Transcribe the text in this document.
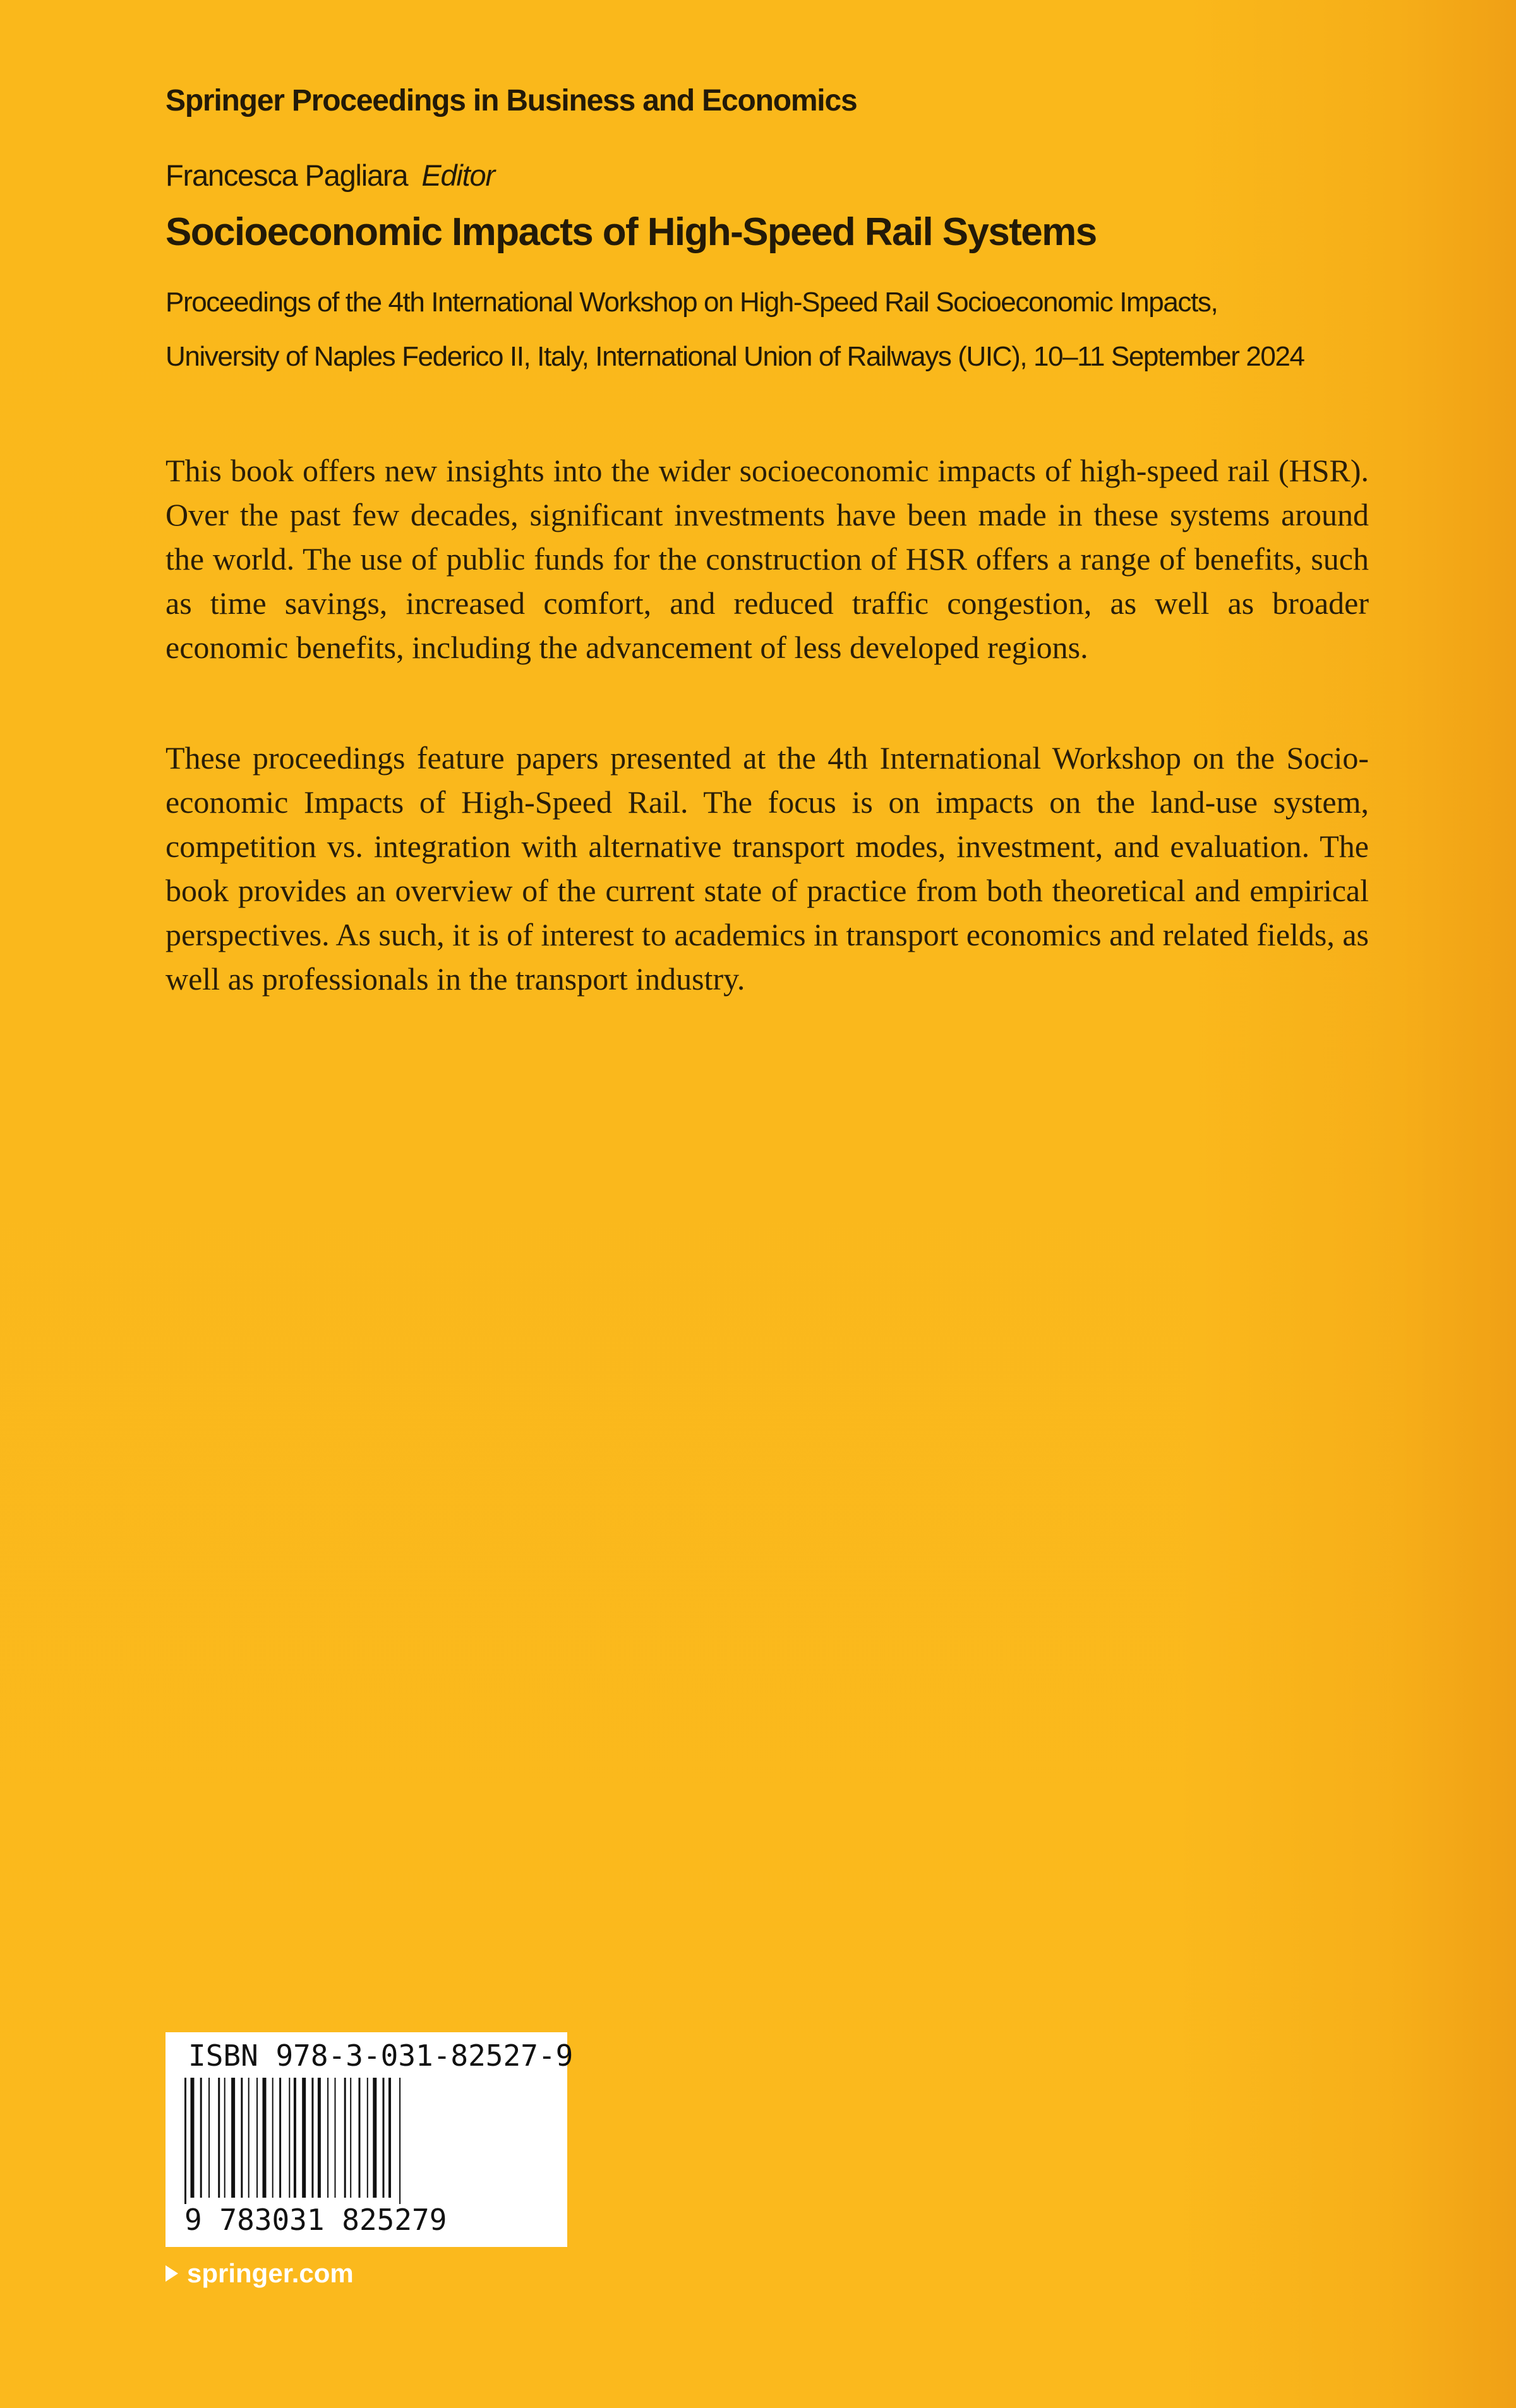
Springer Proceedings in Business and Economics
Francesca Pagliara Editor
Socioeconomic Impacts of High-Speed Rail Systems
Proceedings of the 4th International Workshop on High-Speed Rail Socioeconomic Impacts,
University of Naples Federico II, Italy, International Union of Railways (UIC), 10–11 September 2024

This book offers new insights into the wider socioeconomic impacts of high-speed rail (HSR). Over the past few decades, significant investments have been made in these systems around the world. The use of public funds for the construction of HSR offers a range of benefits, such as time savings, increased comfort, and reduced traffic congestion, as well as broader economic benefits, including the advancement of less developed regions.

These proceedings feature papers presented at the 4th International Workshop on the Socio-economic Impacts of High-Speed Rail. The focus is on impacts on the land-use system, competition vs. integration with alternative transport modes, investment, and evaluation. The book provides an overview of the current state of practice from both theoretical and empirical perspectives. As such, it is of interest to academics in transport economics and related fields, as well as professionals in the transport industry.

ISBN 978-3-031-82527-9
9 783031 825279
springer.com
